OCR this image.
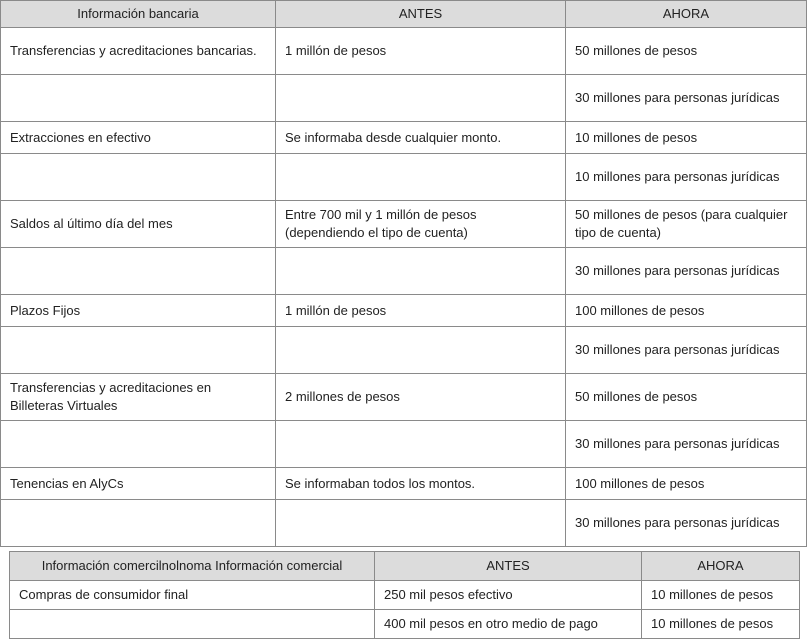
Información bancaria	ANTES	AHORA
Transferencias y acreditaciones bancarias.	1 millón de pesos	50 millones de pesos
		30 millones para personas jurídicas
Extracciones en efectivo	Se informaba desde cualquier monto.	10 millones de pesos
		10 millones para personas jurídicas
Saldos al último día del mes	Entre 700 mil y 1 millón de pesos (dependiendo el tipo de cuenta)	50 millones de pesos (para cualquier tipo de cuenta)
		30 millones para personas jurídicas
Plazos Fijos	1 millón de pesos	100 millones de pesos
		30 millones para personas jurídicas
Transferencias y acreditaciones en Billeteras Virtuales	2 millones de pesos	50 millones de pesos
		30 millones para personas jurídicas
Tenencias en AlyCs	Se informaban todos los montos.	100 millones de pesos
		30 millones para personas jurídicas
Información comercilnolnoma Información comercial	ANTES	AHORA
Compras de consumidor final	250 mil pesos efectivo	10 millones de pesos
	400 mil pesos en otro medio de pago	10 millones de pesos
